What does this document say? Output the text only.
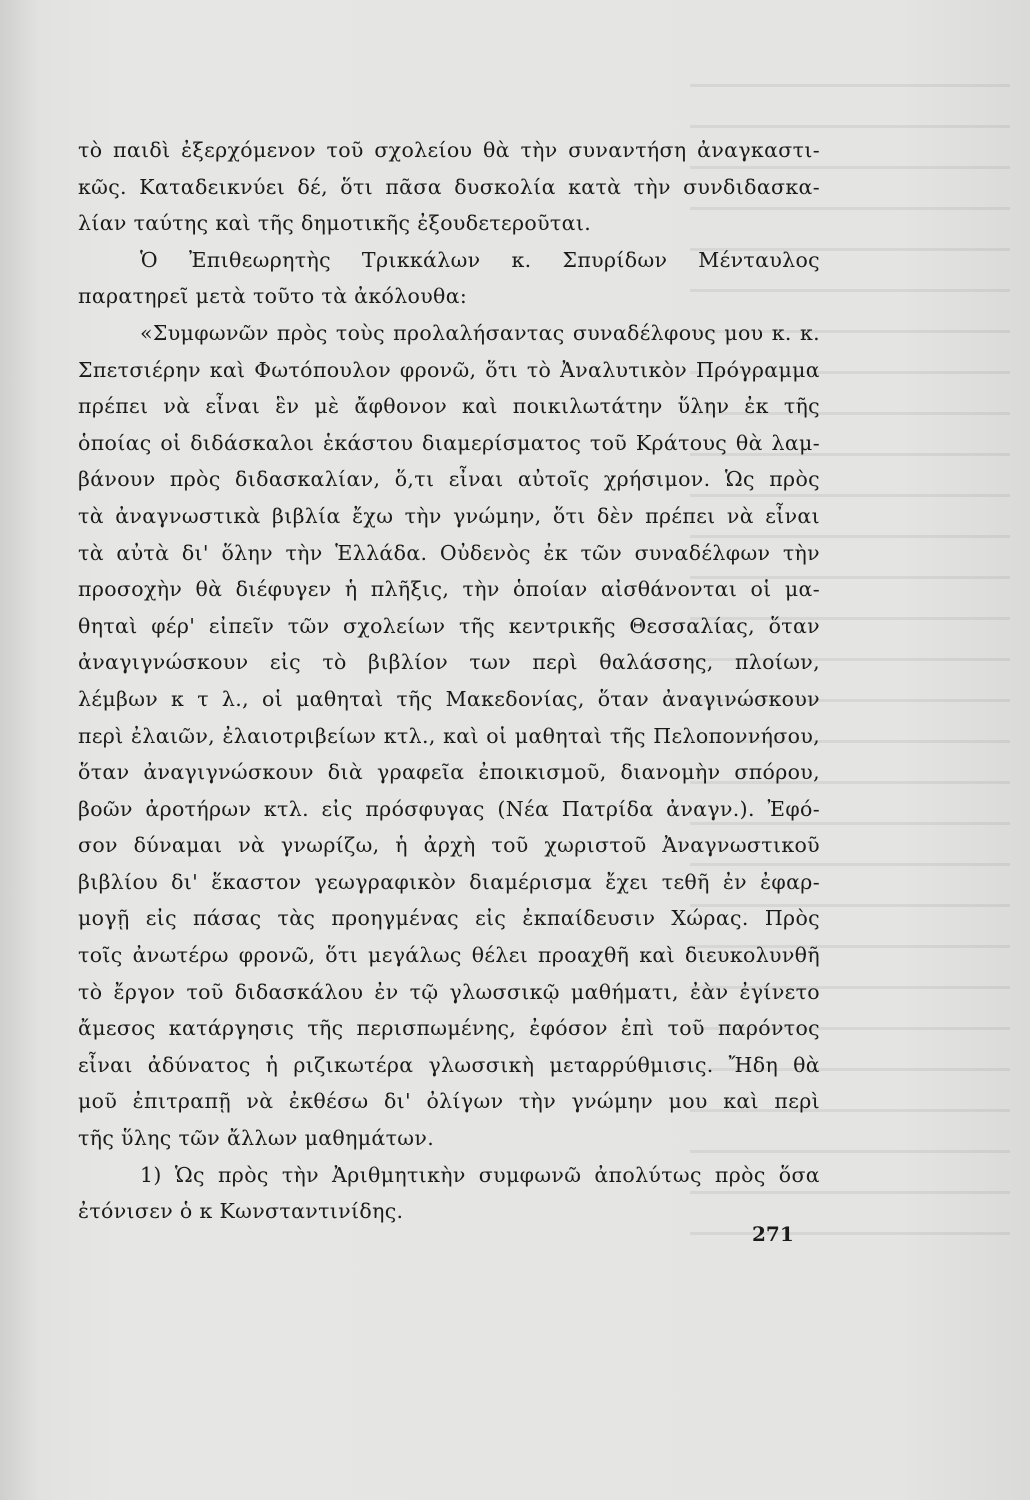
τὸ παιδὶ ἐξερχόμενον τοῦ σχολείου θὰ τὴν συναντήση ἀναγκαστι-
κῶς. Καταδεικνύει δέ, ὅτι πᾶσα δυσκολία κατὰ τὴν συνδιδασκα-
λίαν ταύτης καὶ τῆς δημοτικῆς ἐξουδετεροῦται.
Ὁ Ἐπιθεωρητὴς Τρικκάλων κ. Σπυρίδων Μένταυλος
παρατηρεῖ μετὰ τοῦτο τὰ ἀκόλουθα:
«Συμφωνῶν πρὸς τοὺς προλαλήσαντας συναδέλφους μου κ. κ.
Σπετσιέρην καὶ Φωτόπουλον φρονῶ, ὅτι τὸ Ἀναλυτικὸν Πρόγραμμα
πρέπει νὰ εἶναι ἓν μὲ ἄφθονον καὶ ποικιλωτάτην ὕλην ἐκ τῆς
ὁποίας οἱ διδάσκαλοι ἑκάστου διαμερίσματος τοῦ Κράτους θὰ λαμ-
βάνουν πρὸς διδασκαλίαν, ὅ,τι εἶναι αὐτοῖς χρήσιμον. Ὡς πρὸς
τὰ ἀναγνωστικὰ βιβλία ἔχω τὴν γνώμην, ὅτι δὲν πρέπει νὰ εἶναι
τὰ αὐτὰ δι' ὅλην τὴν Ἑλλάδα. Οὐδενὸς ἐκ τῶν συναδέλφων τὴν
προσοχὴν θὰ διέφυγεν ἡ πλῆξις, τὴν ὁποίαν αἰσθάνονται οἱ μα-
θηταὶ φέρ' εἰπεῖν τῶν σχολείων τῆς κεντρικῆς Θεσσαλίας, ὅταν
ἀναγιγνώσκουν εἰς τὸ βιβλίον των περὶ θαλάσσης, πλοίων,
λέμβων κ τ λ., οἱ μαθηταὶ τῆς Μακεδονίας, ὅταν ἀναγινώσκουν
περὶ ἐλαιῶν, ἐλαιοτριβείων κτλ., καὶ οἱ μαθηταὶ τῆς Πελοποννήσου,
ὅταν ἀναγιγνώσκουν διὰ γραφεῖα ἐποικισμοῦ, διανομὴν σπόρου,
βοῶν ἀροτήρων κτλ. εἰς πρόσφυγας (Νέα Πατρίδα ἀναγν.). Ἐφό-
σον δύναμαι νὰ γνωρίζω, ἡ ἀρχὴ τοῦ χωριστοῦ Ἀναγνωστικοῦ
βιβλίου δι' ἕκαστον γεωγραφικὸν διαμέρισμα ἔχει τεθῆ ἐν ἐφαρ-
μογῇ εἰς πάσας τὰς προηγμένας εἰς ἐκπαίδευσιν Χώρας. Πρὸς
τοῖς ἀνωτέρω φρονῶ, ὅτι μεγάλως θέλει προαχθῆ καὶ διευκολυνθῆ
τὸ ἔργον τοῦ διδασκάλου ἐν τῷ γλωσσικῷ μαθήματι, ἐὰν ἐγίνετο
ἄμεσος κατάργησις τῆς περισπωμένης, ἐφόσον ἐπὶ τοῦ παρόντος
εἶναι ἀδύνατος ἡ ριζικωτέρα γλωσσικὴ μεταρρύθμισις. Ἤδη θὰ
μοῦ ἐπιτραπῇ νὰ ἐκθέσω δι' ὀλίγων τὴν γνώμην μου καὶ περὶ
τῆς ὕλης τῶν ἄλλων μαθημάτων.
1) Ὡς πρὸς τὴν Ἀριθμητικὴν συμφωνῶ ἀπολύτως πρὸς ὅσα
ἐτόνισεν ὁ κ Κωνσταντινίδης.
271
